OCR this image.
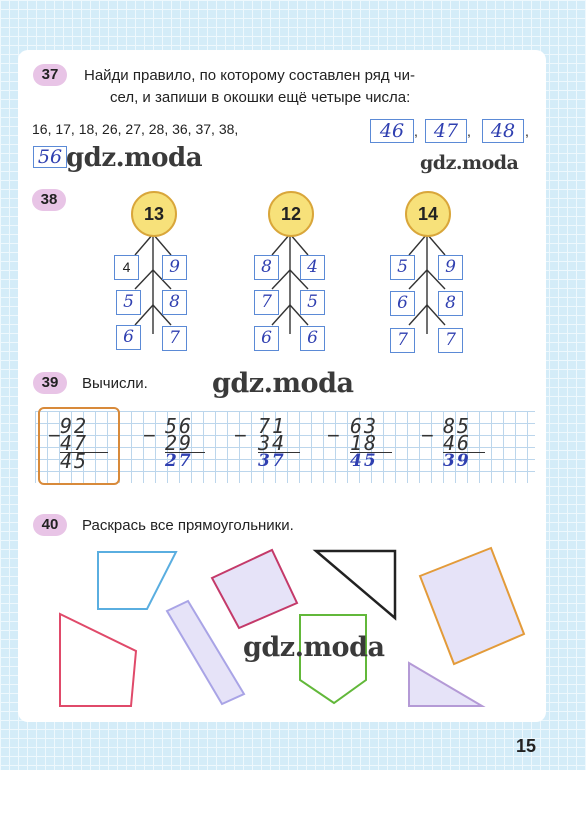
37	Найди правило, по которому составлен ряд чи-
сел, и запиши в окошки ещё четыре числа:
16, 17, 18, 26, 27, 28, 36, 37, 38,	46 , 47 ,	48 ,
56 gdz.moda	gdz.moda
38
13
4	9
5	8
6	7
12
8	4
7	5
6	6
14
5	9
6	8
7	7
39	Вычисли. gdz.moda
− 92
47
45
− 56
29
27
− 71
34
37
− 63
18
45
− 85
46
39
40	Раскрась все прямоугольники.
gdz.moda
15
